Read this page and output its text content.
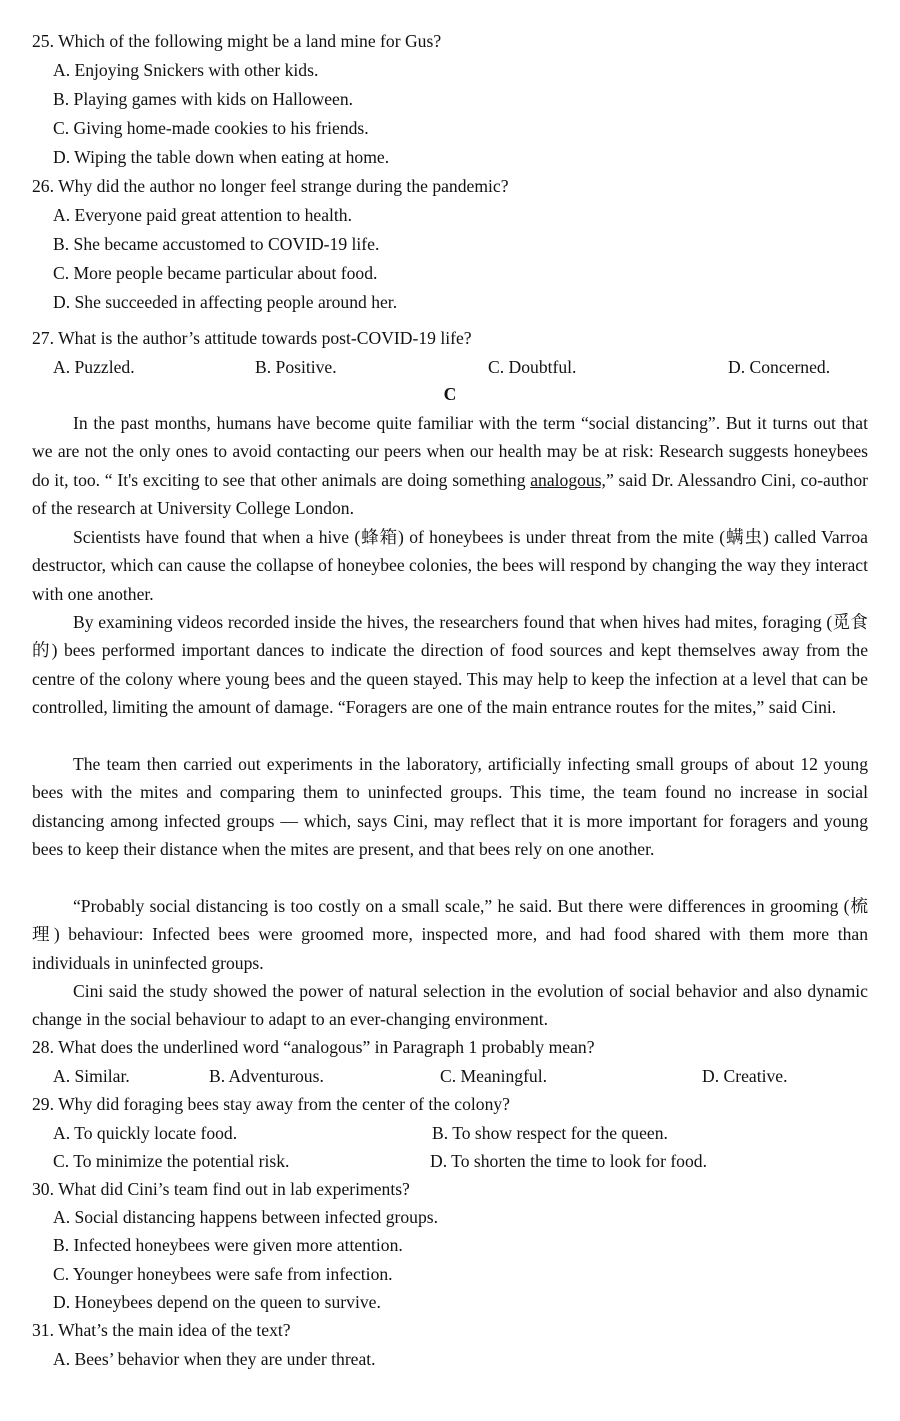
25. Which of the following might be a land mine for Gus?
A. Enjoying Snickers with other kids.
B. Playing games with kids on Halloween.
C. Giving home-made cookies to his friends.
D. Wiping the table down when eating at home.
26. Why did the author no longer feel strange during the pandemic?
A. Everyone paid great attention to health.
B. She became accustomed to COVID-19 life.
C. More people became particular about food.
D. She succeeded in affecting people around her.
27. What is the author’s attitude towards post-COVID-19 life?
A. Puzzled.	B. Positive.	C. Doubtful.	D. Concerned.
C
In the past months, humans have become quite familiar with the term “social distancing”. But it turns out that we are not the only ones to avoid contacting our peers when our health may be at risk: Research suggests honeybees do it, too. “ It's exciting to see that other animals are doing something analogous,” said Dr. Alessandro Cini, co-author of the research at University College London.
Scientists have found that when a hive (蜂箱) of honeybees is under threat from the mite (螨虫) called Varroa destructor, which can cause the collapse of honeybee colonies, the bees will respond by changing the way they interact with one another.
By examining videos recorded inside the hives, the researchers found that when hives had mites, foraging (觅食的) bees performed important dances to indicate the direction of food sources and kept themselves away from the centre of the colony where young bees and the queen stayed. This may help to keep the infection at a level that can be controlled, limiting the amount of damage. “Foragers are one of the main entrance routes for the mites,” said Cini.
The team then carried out experiments in the laboratory, artificially infecting small groups of about 12 young bees with the mites and comparing them to uninfected groups. This time, the team found no increase in social distancing among infected groups — which, says Cini, may reflect that it is more important for foragers and young bees to keep their distance when the mites are present, and that bees rely on one another.
“Probably social distancing is too costly on a small scale,” he said. But there were differences in grooming (梳理) behaviour: Infected bees were groomed more, inspected more, and had food shared with them more than individuals in uninfected groups.
Cini said the study showed the power of natural selection in the evolution of social behavior and also dynamic change in the social behaviour to adapt to an ever-changing environment.
28. What does the underlined word “analogous” in Paragraph 1 probably mean?
A. Similar.	B. Adventurous.	C. Meaningful.	D. Creative.
29. Why did foraging bees stay away from the center of the colony?
A. To quickly locate food.	B. To show respect for the queen.
C. To minimize the potential risk.	D. To shorten the time to look for food.
30. What did Cini’s team find out in lab experiments?
A. Social distancing happens between infected groups.
B. Infected honeybees were given more attention.
C. Younger honeybees were safe from infection.
D. Honeybees depend on the queen to survive.
31. What’s the main idea of the text?
A. Bees’ behavior when they are under threat.
